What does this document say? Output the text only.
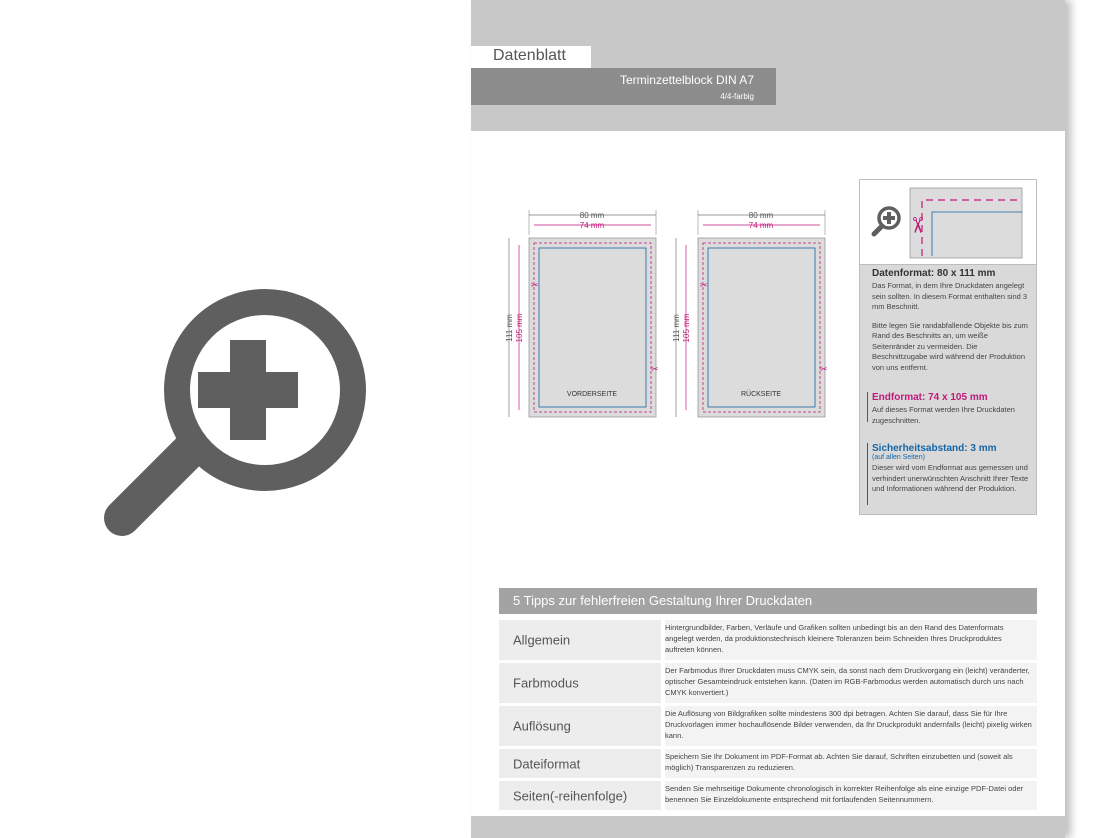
Datenblatt
Terminzettelblock DIN A7
4/4-farbig
80 mm
74 mm
111 mm 105 mm
VORDERSEITE
✂
✂
80 mm
74 mm
111 mm 105 mm
RÜCKSEITE
✂
✂
✂
Datenformat: 80 x 111 mm
Das Format, in dem Ihre Druckdaten angelegt sein sollten. In diesem Format enthalten sind 3 mm Beschnitt.
Bitte legen Sie randabfallende Objekte bis zum Rand des Beschnitts an, um weiße Seitenränder zu vermeiden. Die Beschnittzugabe wird während der Produktion von uns entfernt.
Endformat: 74 x 105 mm
Auf dieses Format werden Ihre Druckdaten zugeschnitten.
Sicherheitsabstand: 3 mm
(auf allen Seiten)
Dieser wird vom Endformat aus gemessen und verhindert unerwünschten Anschnitt Ihrer Texte und Informationen während der Produktion.
5 Tipps zur fehlerfreien Gestaltung Ihrer Druckdaten
Allgemein
Hintergrundbilder, Farben, Verläufe und Grafiken sollten unbedingt bis an den Rand des Datenformats angelegt werden, da produktionstechnisch kleinere Toleranzen beim Schneiden Ihres Druckproduktes auftreten können.
Farbmodus
Der Farbmodus Ihrer Druckdaten muss CMYK sein, da sonst nach dem Druckvorgang ein (leicht) veränderter, optischer Gesamteindruck entstehen kann. (Daten im RGB-Farbmodus werden automatisch durch uns nach CMYK konvertiert.)
Auflösung
Die Auflösung von Bildgrafiken sollte mindestens 300 dpi betragen. Achten Sie darauf, dass Sie für Ihre Druckvorlagen immer hochauflösende Bilder verwenden, da Ihr Druckprodukt andernfalls (leicht) pixelig wirken kann.
Dateiformat	Speichern Sie Ihr Dokument im PDF-Format ab. Achten Sie darauf, Schriften einzubetten und (soweit als möglich) Transparenzen zu reduzieren.
Seiten(-reihenfolge)	Senden Sie mehrseitige Dokumente chronologisch in korrekter Reihenfolge als eine einzige PDF-Datei oder benennen Sie Einzeldokumente entsprechend mit fortlaufenden Seitennummern.
